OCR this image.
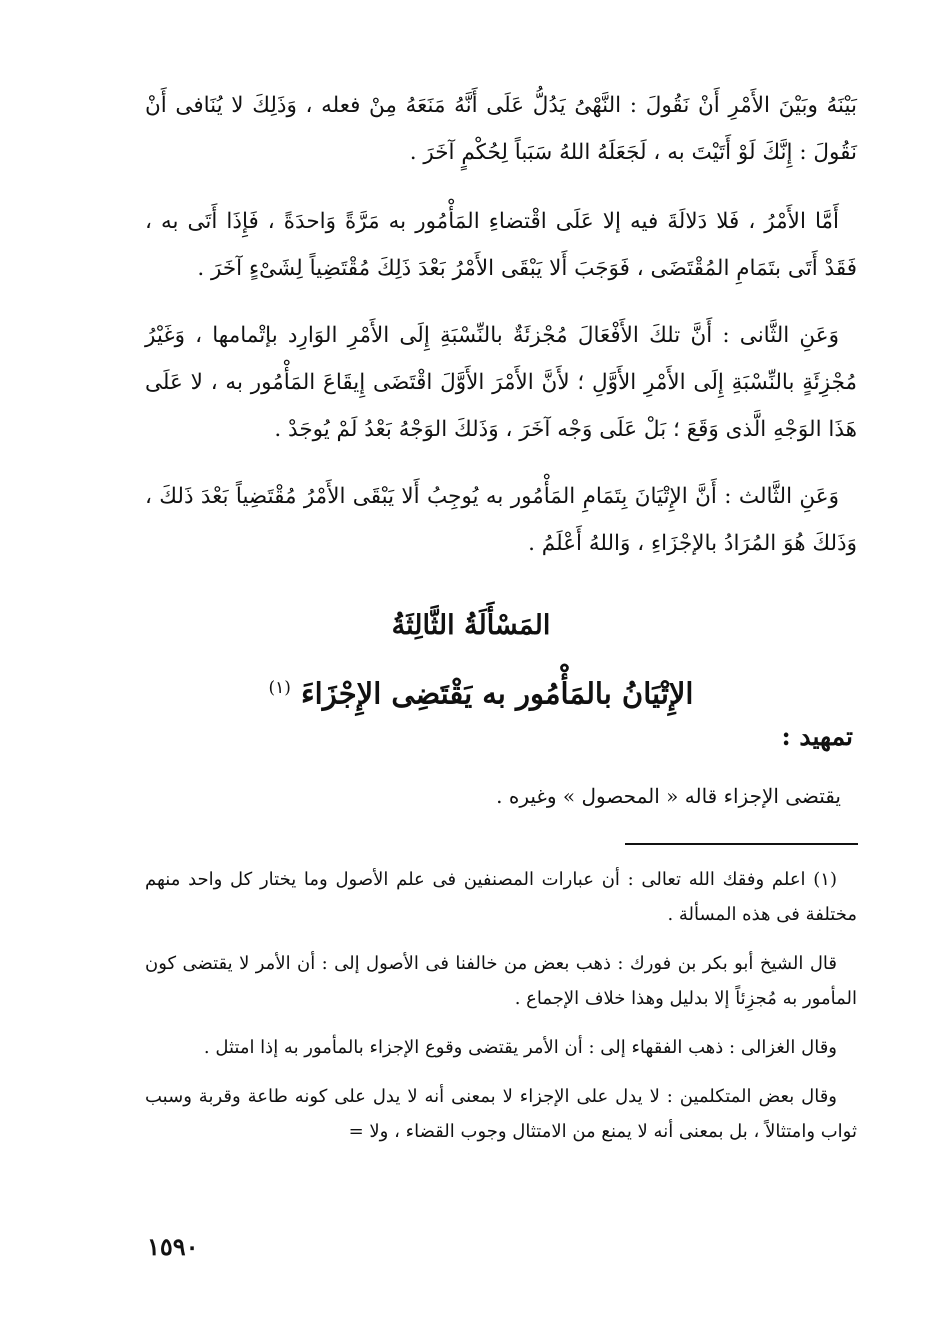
بَيْنَهُ وبَيْنَ الأَمْرِ أَنْ نَقُولَ : النَّهْىُ يَدُلُّ عَلَى أَنَّهُ مَنَعَهُ مِنْ فعله ، وَذَلِكَ لا يُنَافى أَنْ نَقُولَ : إِنَّكَ لَوْ أَتَيْتَ به ، لَجَعَلَهُ اللهُ سَبَباً لِحُكْمٍ آخَرَ .

أَمَّا الأَمْرُ ، فَلا دَلالَةَ فيه إلا عَلَى اقْتضاءِ المَأْمُور به مَرَّةً وَاحدَةً ، فَإِذَا أَتَى به ، فَقَدْ أَتَى بتَمَامِ المُقْتَضَى ، فَوَجَبَ أَلا يَبْقَى الأَمْرُ بَعْدَ ذَلِكَ مُقْتَضِياً لِشَىْءٍ آخَرَ .

وَعَنِ الثَّانى : أَنَّ تلكَ الأَفْعَالَ مُجْزئَةٌ بالنِّسْبَةِ إِلَى الأَمْرِ الوَارِد بإتْمامها ، وَغَيْرُ مُجْزِئَةٍ بالنِّسْبَةِ إِلَى الأَمْرِ الأَوَّلِ ؛ لأَنَّ الأَمْرَ الأَوَّلَ اقْتَضَى إِيقَاعَ المَأْمُور به ، لا عَلَى هَذَا الوَجْهِ الَّذى وَقَعَ ؛ بَلْ عَلَى وَجْه آخَرَ ، وَذَلكَ الوَجْهُ بَعْدُ لَمْ يُوجَدْ .

وَعَنِ الثَّالث : أَنَّ الإِتْيَانَ بِتَمَامِ المَأْمُور به يُوجِبُ أَلا يَبْقَى الأَمْرُ مُقْتَضِياً بَعْدَ ذَلكَ ، وَذَلكَ هُوَ المُرَادُ بالإجْزَاءِ ، وَاللهُ أَعْلَمُ .

المَسْأَلَةُ الثَّالِثَةُ
الإِتْيَانُ بالمَأْمُور به يَقْتَضِى الإِجْزَاءَ $^{(١)}$
تمهيد :

يقتضى الإجزاء قاله « المحصول » وغيره .

(١) اعلم وفقك الله تعالى : أن عبارات المصنفين فى علم الأصول وما يختار كل واحد منهم مختلفة فى هذه المسألة .

قال الشيخ أبو بكر بن فورك : ذهب بعض من خالفنا فى الأصول إلى : أن الأمر لا يقتضى كون المأمور به مُجزِئاً إلا بدليل وهذا خلاف الإجماع .

وقال الغزالى : ذهب الفقهاء إلى : أن الأمر يقتضى وقوع الإجزاء بالمأمور به إذا امتثل .

وقال بعض المتكلمين : لا يدل على الإجزاء لا بمعنى أنه لا يدل على كونه طاعة وقربة وسبب ثواب وامتثالاً ، بل بمعنى أنه لا يمنع من الامتثال وجوب القضاء ، ولا =

١٥٩٠
